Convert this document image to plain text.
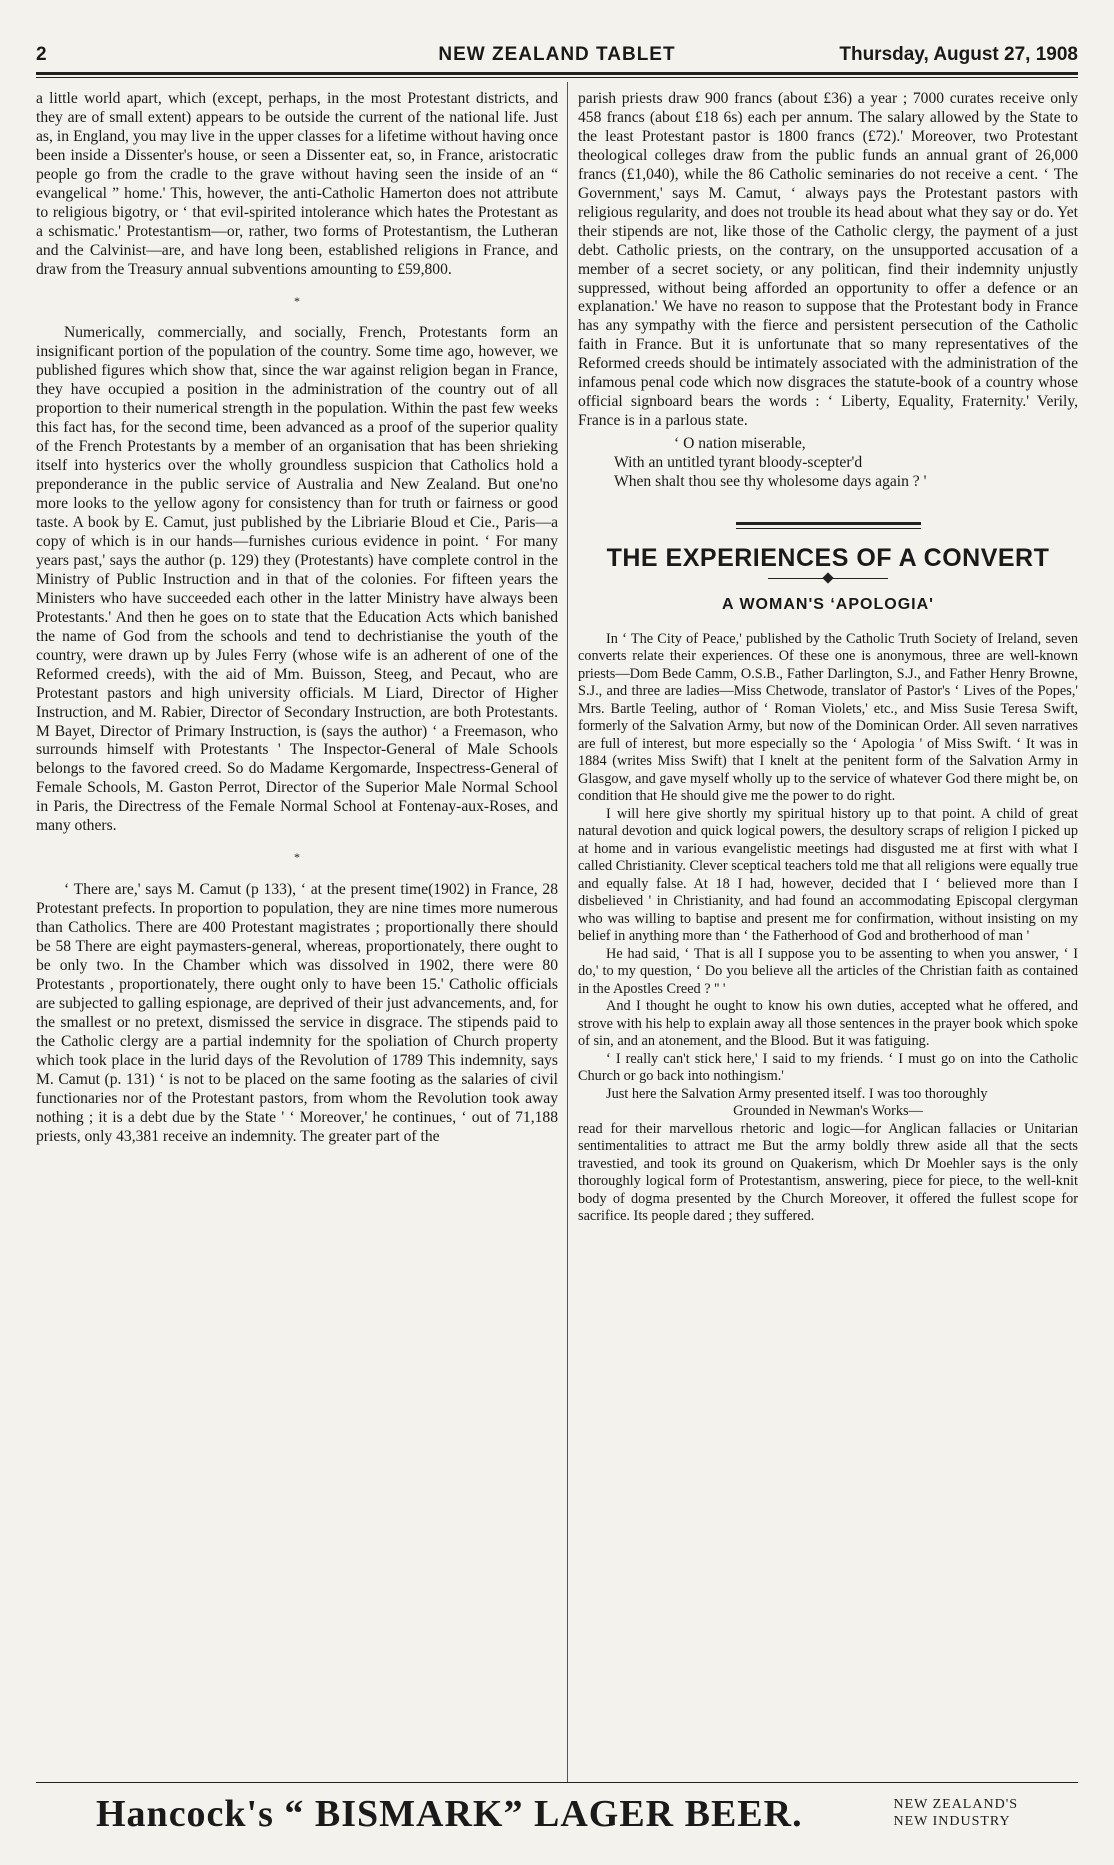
2	NEW ZEALAND TABLET	Thursday, August 27, 1908

a little world apart, which (except, perhaps, in the most Protestant districts, and they are of small extent) appears to be outside the current of the national life. Just as, in England, you may live in the upper classes for a lifetime without having once been inside a Dissenter's house, or seen a Dissenter eat, so, in France, aristocratic people go from the cradle to the grave without having seen the inside of an “ evangelical ” home.' This, however, the anti-Catholic Hamerton does not attribute to religious bigotry, or ‘ that evil-spirited intolerance which hates the Protestant as a schismatic.' Protestantism—or, rather, two forms of Protestantism, the Lutheran and the Calvinist—are, and have long been, established religions in France, and draw from the Treasury annual subventions amounting to £59,800.

*

Numerically, commercially, and socially, French, Protestants form an insignificant portion of the population of the country. Some time ago, however, we published figures which show that, since the war against religion began in France, they have occupied a position in the administration of the country out of all proportion to their numerical strength in the population. Within the past few weeks this fact has, for the second time, been advanced as a proof of the superior quality of the French Protestants by a member of an organisation that has been shrieking itself into hysterics over the wholly groundless suspicion that Catholics hold a preponderance in the public service of Australia and New Zealand. But one'no more looks to the yellow agony for consistency than for truth or fairness or good taste. A book by E. Camut, just published by the Libriarie Bloud et Cie., Paris—a copy of which is in our hands—furnishes curious evidence in point. ‘ For many years past,' says the author (p. 129) they (Protestants) have complete control in the Ministry of Public Instruction and in that of the colonies. For fifteen years the Ministers who have succeeded each other in the latter Ministry have always been Protestants.' And then he goes on to state that the Education Acts which banished the name of God from the schools and tend to dechristianise the youth of the country, were drawn up by Jules Ferry (whose wife is an adherent of one of the Reformed creeds), with the aid of Mm. Buisson, Steeg, and Pecaut, who are Protestant pastors and high university officials. M Liard, Director of Higher Instruction, and M. Rabier, Director of Secondary Instruction, are both Protestants. M Bayet, Director of Primary Instruction, is (says the author) ‘ a Freemason, who surrounds himself with Protestants ' The Inspector-General of Male Schools belongs to the favored creed. So do Madame Kergomarde, Inspectress-General of Female Schools, M. Gaston Perrot, Director of the Superior Male Normal School in Paris, the Directress of the Female Normal School at Fontenay-aux-Roses, and many others.

*

‘ There are,' says M. Camut (p 133), ‘ at the present time(1902) in France, 28 Protestant prefects. In proportion to population, they are nine times more numerous than Catholics. There are 400 Protestant magistrates ; proportionally there should be 58 There are eight paymasters-general, whereas, proportionately, there ought to be only two. In the Chamber which was dissolved in 1902, there were 80 Protestants , proportionately, there ought only to have been 15.' Catholic officials are subjected to galling espionage, are deprived of their just advancements, and, for the smallest or no pretext, dismissed the service in disgrace. The stipends paid to the Catholic clergy are a partial indemnity for the spoliation of Church property which took place in the lurid days of the Revolution of 1789 This indemnity, says M. Camut (p. 131) ‘ is not to be placed on the same footing as the salaries of civil functionaries nor of the Protestant pastors, from whom the Revolution took away nothing ; it is a debt due by the State ' ‘ Moreover,' he continues, ‘ out of 71,188 priests, only 43,381 receive an indemnity. The greater part of the

parish priests draw 900 francs (about £36) a year ; 7000 curates receive only 458 francs (about £18 6s) each per annum. The salary allowed by the State to the least Protestant pastor is 1800 francs (£72).' Moreover, two Protestant theological colleges draw from the public funds an annual grant of 26,000 francs (£1,040), while the 86 Catholic seminaries do not receive a cent. ‘ The Government,' says M. Camut, ‘ always pays the Protestant pastors with religious regularity, and does not trouble its head about what they say or do. Yet their stipends are not, like those of the Catholic clergy, the payment of a just debt. Catholic priests, on the contrary, on the unsupported accusation of a member of a secret society, or any politican, find their indemnity unjustly suppressed, without being afforded an opportunity to offer a defence or an explanation.' We have no reason to suppose that the Protestant body in France has any sympathy with the fierce and persistent persecution of the Catholic faith in France. But it is unfortunate that so many representatives of the Reformed creeds should be intimately associated with the administration of the infamous penal code which now disgraces the statute-book of a country whose official signboard bears the words : ‘ Liberty, Equality, Fraternity.' Verily, France is in a parlous state.

‘ O nation miserable,
With an untitled tyrant bloody-scepter'd
When shalt thou see thy wholesome days again ? '
THE EXPERIENCES OF A CONVERT
A WOMAN'S ‘APOLOGIA'

In ‘ The City of Peace,' published by the Catholic Truth Society of Ireland, seven converts relate their experiences. Of these one is anonymous, three are well-known priests—Dom Bede Camm, O.S.B., Father Darlington, S.J., and Father Henry Browne, S.J., and three are ladies—Miss Chetwode, translator of Pastor's ‘ Lives of the Popes,' Mrs. Bartle Teeling, author of ‘ Roman Violets,' etc., and Miss Susie Teresa Swift, formerly of the Salvation Army, but now of the Dominican Order. All seven narratives are full of interest, but more especially so the ‘ Apologia ' of Miss Swift. ‘ It was in 1884 (writes Miss Swift) that I knelt at the penitent form of the Salvation Army in Glasgow, and gave myself wholly up to the service of whatever God there might be, on condition that He should give me the power to do right.

I will here give shortly my spiritual history up to that point. A child of great natural devotion and quick logical powers, the desultory scraps of religion I picked up at home and in various evangelistic meetings had disgusted me at first with what I called Christianity. Clever sceptical teachers told me that all religions were equally true and equally false. At 18 I had, however, decided that I ‘ believed more than I disbelieved ' in Christianity, and had found an accommodating Episcopal clergyman who was willing to baptise and present me for confirmation, without insisting on my belief in anything more than ‘ the Fatherhood of God and brotherhood of man '

He had said, ‘ That is all I suppose you to be assenting to when you answer, ‘ I do,' to my question, ‘ Do you believe all the articles of the Christian faith as contained in the Apostles Creed ? '' '

And I thought he ought to know his own duties, accepted what he offered, and strove with his help to explain away all those sentences in the prayer book which spoke of sin, and an atonement, and the Blood. But it was fatiguing.

‘ I really can't stick here,' I said to my friends. ‘ I must go on into the Catholic Church or go back into nothingism.'

Just here the Salvation Army presented itself. I was too thoroughly

Grounded in Newman's Works—

read for their marvellous rhetoric and logic—for Anglican fallacies or Unitarian sentimentalities to attract me But the army boldly threw aside all that the sects travestied, and took its ground on Quakerism, which Dr Moehler says is the only thoroughly logical form of Protestantism, answering, piece for piece, to the well-knit body of dogma presented by the Church Moreover, it offered the fullest scope for sacrifice. Its people dared ; they suffered.

Hancock's “ BISMARK” LAGER BEER.	NEW ZEALAND'S
NEW INDUSTRY
